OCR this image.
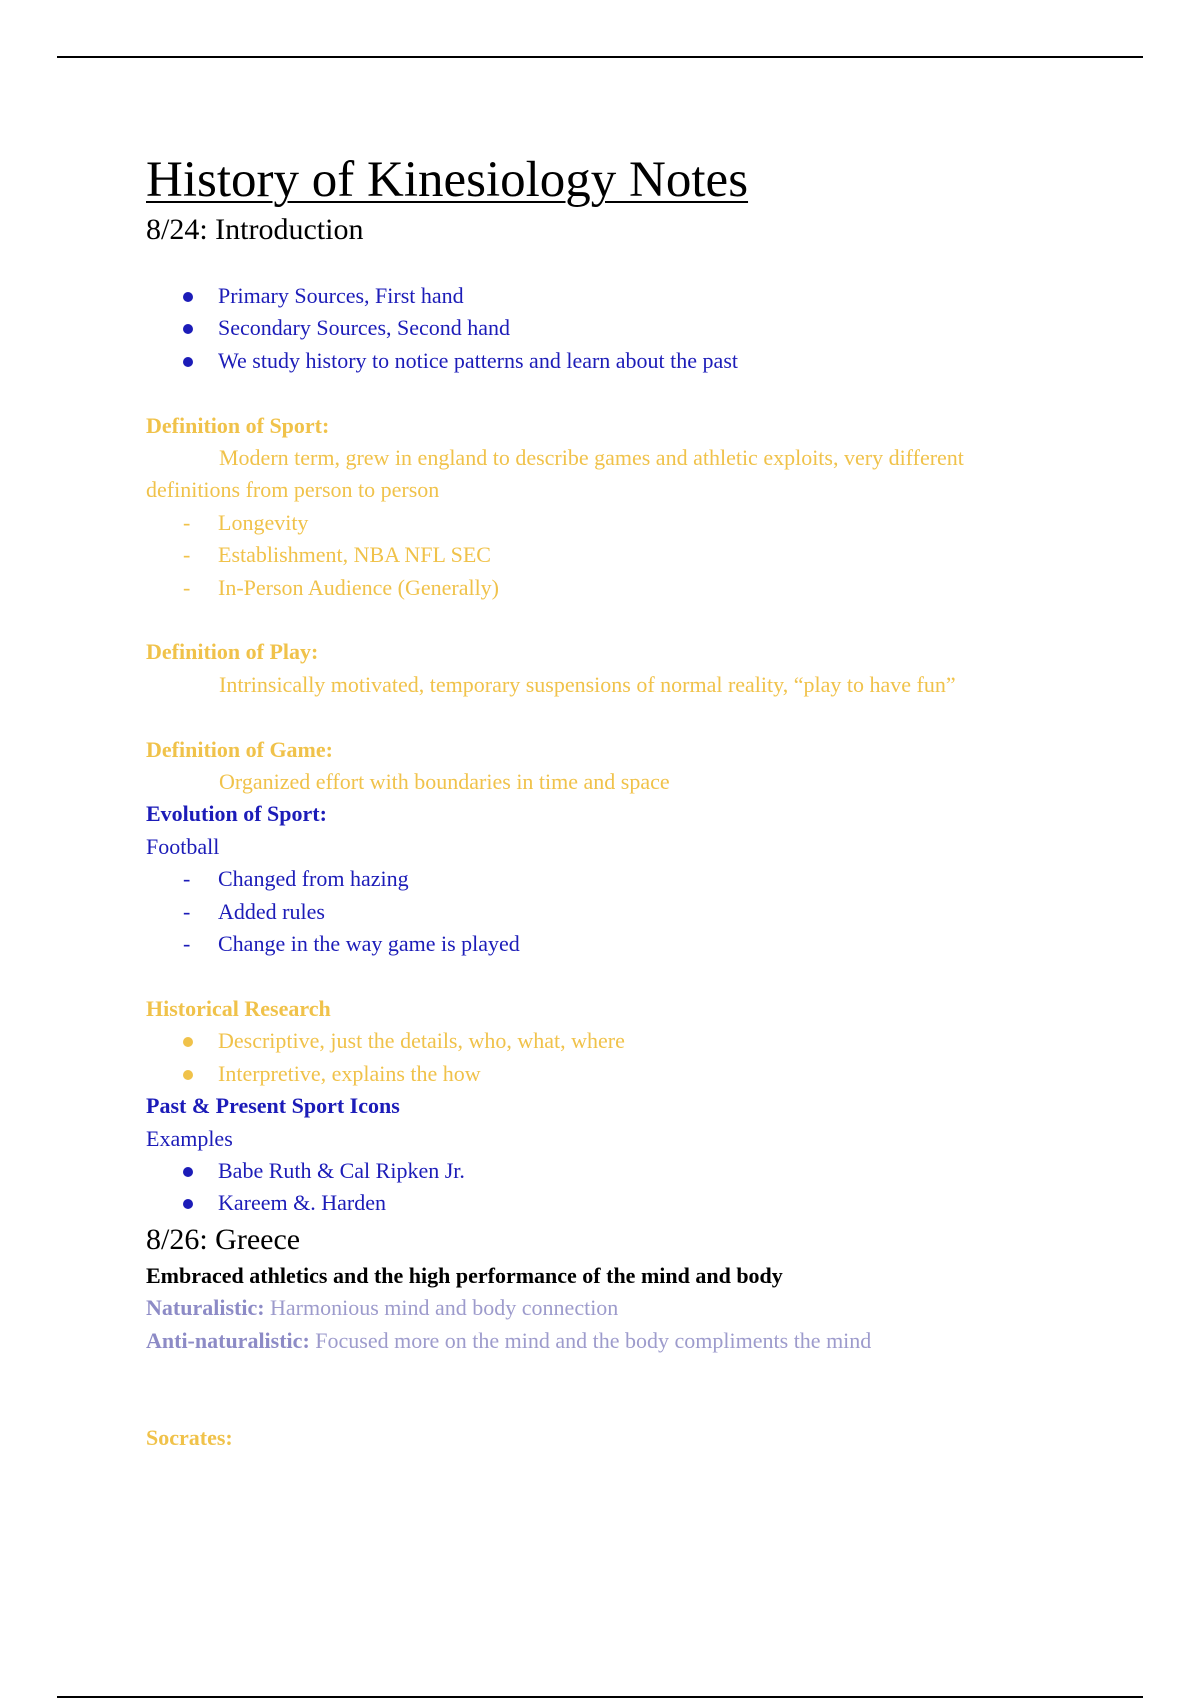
History of Kinesiology Notes
8/24: Introduction
Primary Sources, First hand
Secondary Sources, Second hand
We study history to notice patterns and learn about the past

Definition of Sport:

Modern term, grew in england to describe games and athletic exploits, very different

definitions from person to person

Longevity
Establishment, NBA NFL SEC
In-Person Audience (Generally)

Definition of Play:

Intrinsically motivated, temporary suspensions of normal reality, “play to have fun”

Definition of Game:

Organized effort with boundaries in time and space

Evolution of Sport:

Football

Changed from hazing
Added rules
Change in the way game is played

Historical Research

Descriptive, just the details, who, what, where
Interpretive, explains the how

Past & Present Sport Icons

Examples

Babe Ruth & Cal Ripken Jr.
Kareem &. Harden
8/26: Greece

Embraced athletics and the high performance of the mind and body

Naturalistic: Harmonious mind and body connection

Anti-naturalistic: Focused more on the mind and the body compliments the mind

Socrates:
